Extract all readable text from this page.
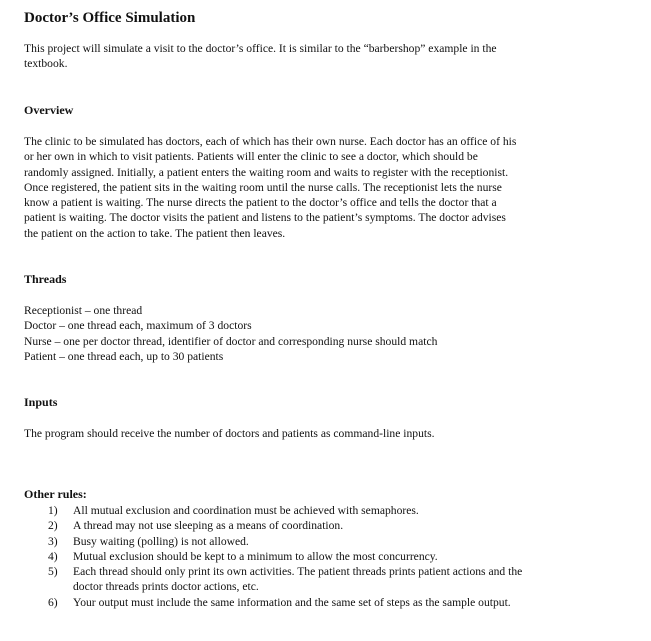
Doctor’s Office Simulation
This project will simulate a visit to the doctor’s office. It is similar to the “barbershop” example in the
textbook.
Overview
The clinic to be simulated has doctors, each of which has their own nurse. Each doctor has an office of his
or her own in which to visit patients. Patients will enter the clinic to see a doctor, which should be
randomly assigned. Initially, a patient enters the waiting room and waits to register with the receptionist.
Once registered, the patient sits in the waiting room until the nurse calls. The receptionist lets the nurse
know a patient is waiting. The nurse directs the patient to the doctor’s office and tells the doctor that a
patient is waiting. The doctor visits the patient and listens to the patient’s symptoms. The doctor advises
the patient on the action to take. The patient then leaves.
Threads
Receptionist – one thread
Doctor – one thread each, maximum of 3 doctors
Nurse – one per doctor thread, identifier of doctor and corresponding nurse should match
Patient – one thread each, up to 30 patients
Inputs
The program should receive the number of doctors and patients as command-line inputs.
Other rules:
1) All mutual exclusion and coordination must be achieved with semaphores.
2) A thread may not use sleeping as a means of coordination.
3) Busy waiting (polling) is not allowed.
4) Mutual exclusion should be kept to a minimum to allow the most concurrency.
5) Each thread should only print its own activities. The patient threads prints patient actions and the
doctor threads prints doctor actions, etc.
6) Your output must include the same information and the same set of steps as the sample output.
